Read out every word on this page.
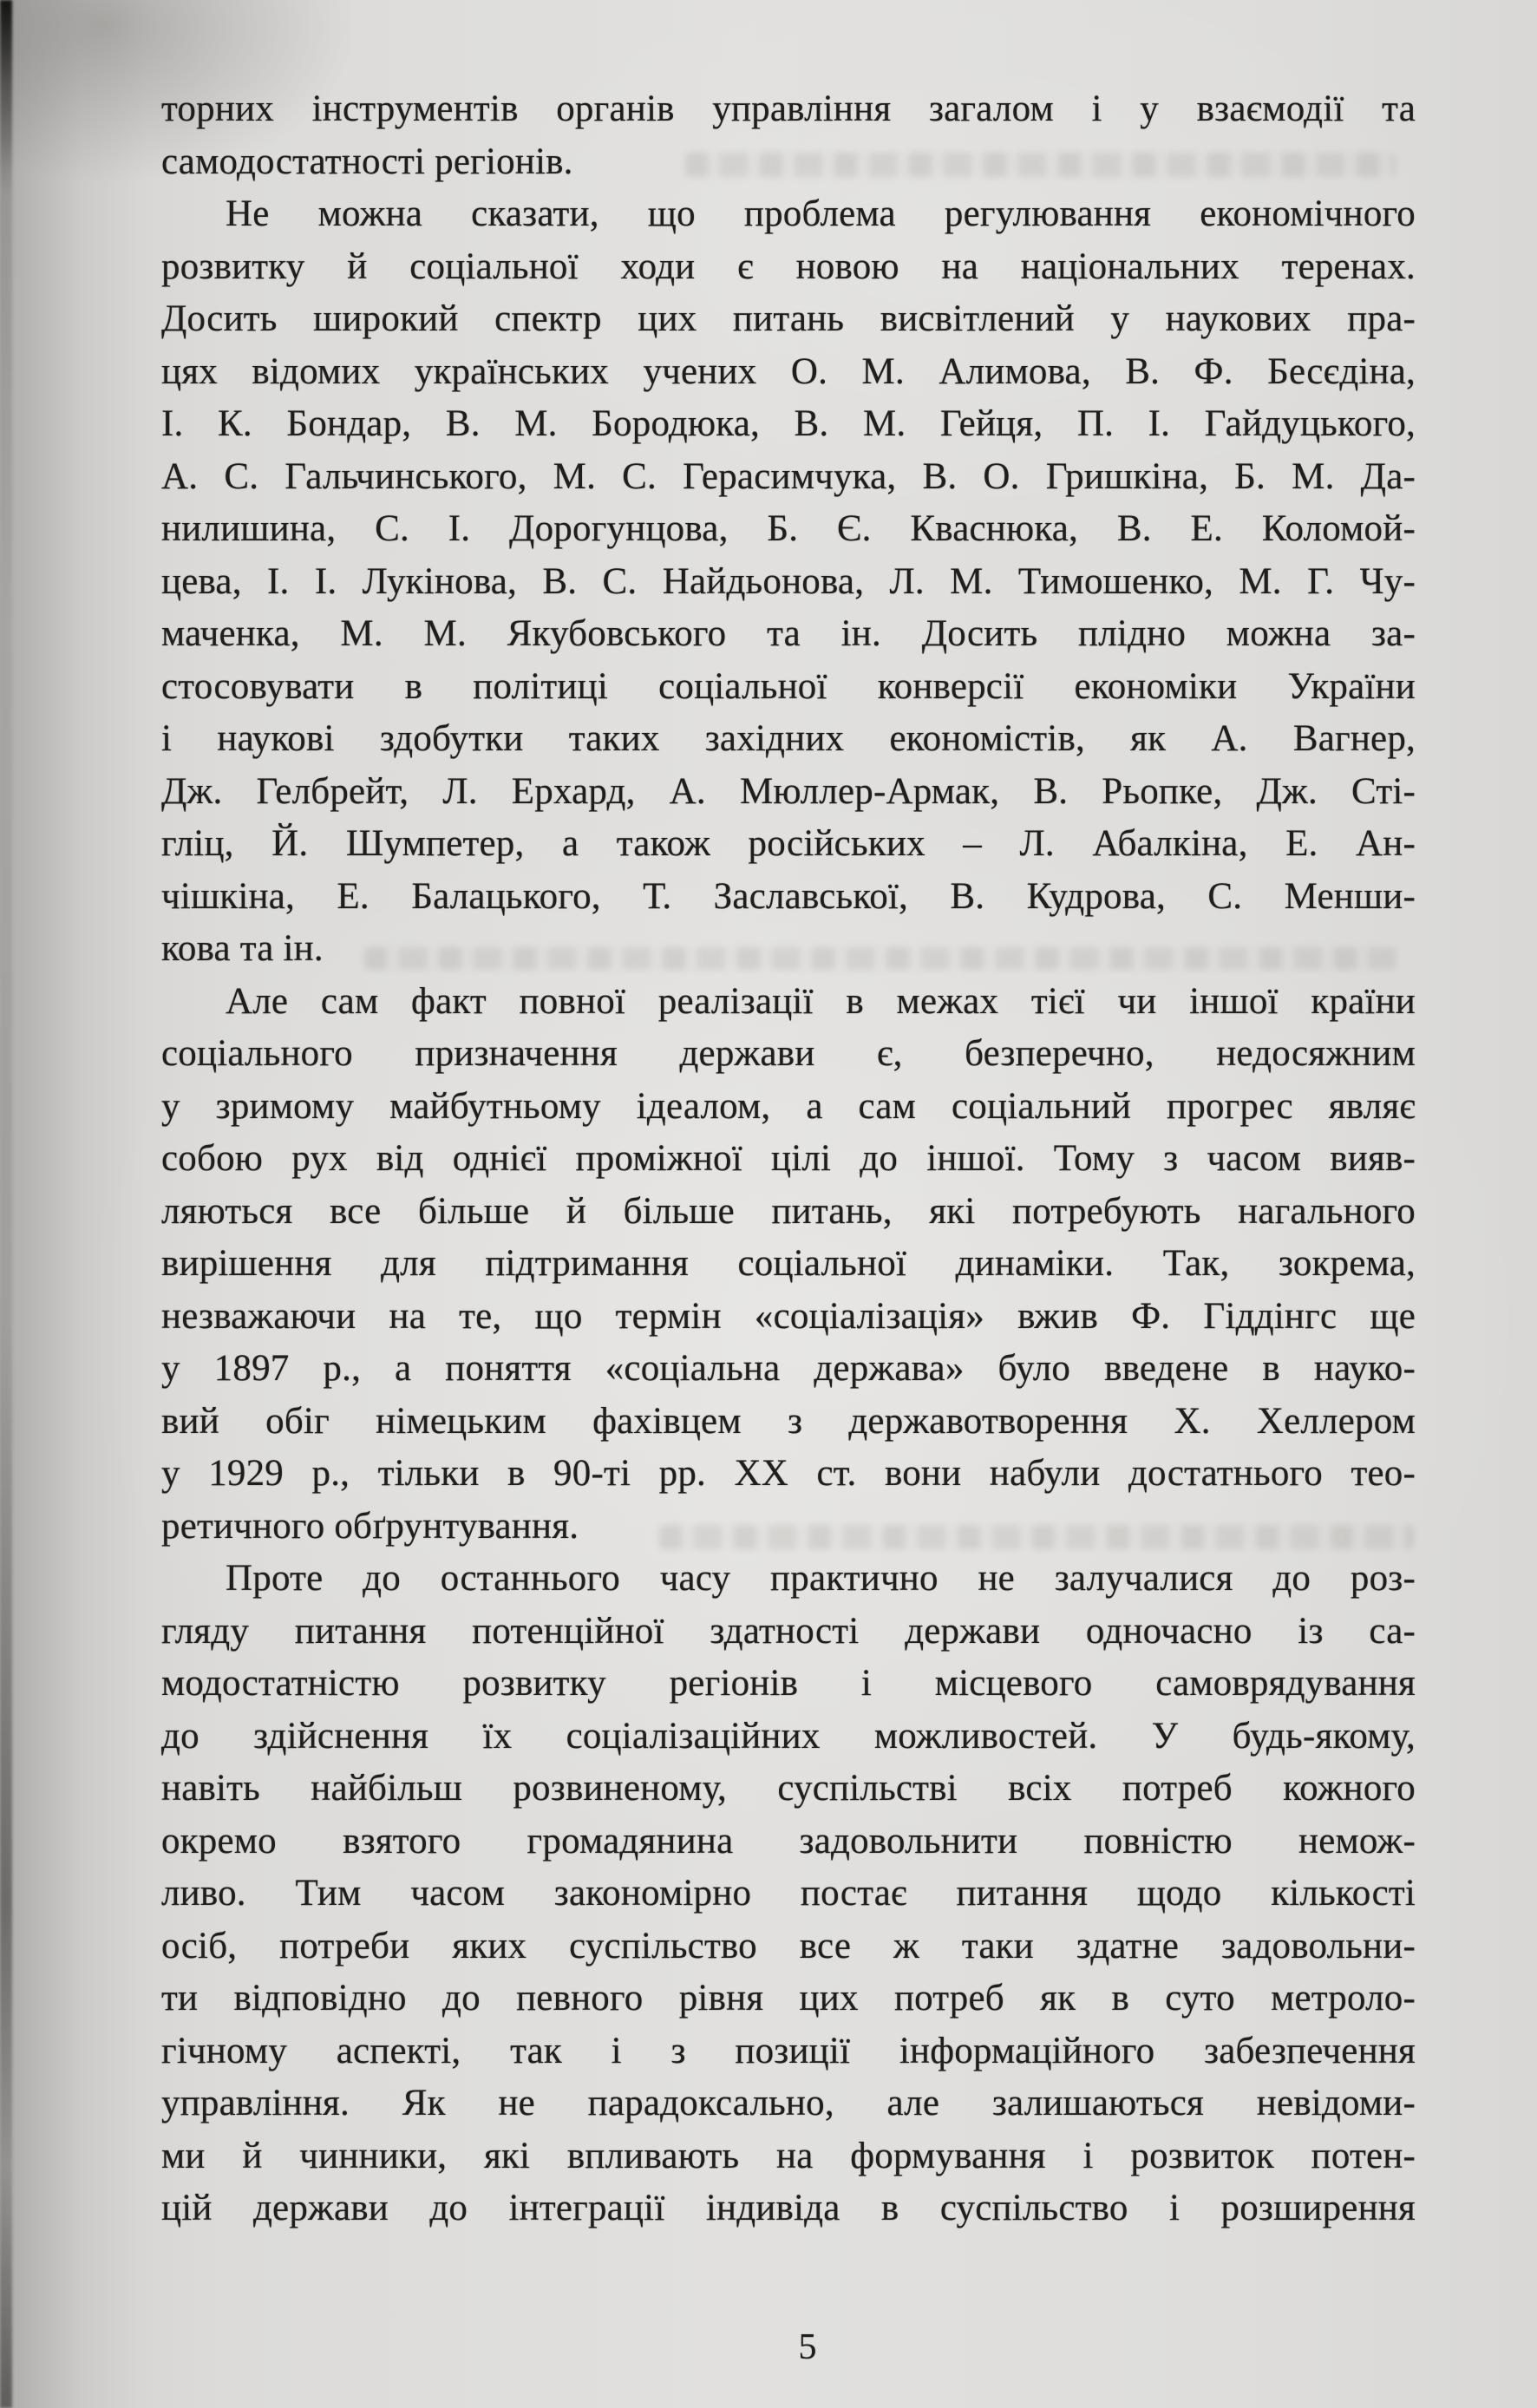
торних інструментів органів управління загалом і у взаємодії та
самодостатності регіонів.
Не можна сказати, що проблема регулювання економічного
розвитку й соціальної ходи є новою на національних теренах.
Досить широкий спектр цих питань висвітлений у наукових пра-
цях відомих українських учених О. М. Алимова, В. Ф. Бесєдіна,
І. К. Бондар, В. М. Бородюка, В. М. Гейця, П. І. Гайдуцького,
А. С. Гальчинського, М. С. Герасимчука, В. О. Гришкіна, Б. М. Да-
нилишина, С. І. Дорогунцова, Б. Є. Кваснюка, В. Е. Коломой-
цева, І. І. Лукінова, В. С. Найдьонова, Л. М. Тимошенко, М. Г. Чу-
маченка, М. М. Якубовського та ін. Досить плідно можна за-
стосовувати в політиці соціальної конверсії економіки України
і наукові здобутки таких західних економістів, як А. Вагнер,
Дж. Гелбрейт, Л. Ерхард, А. Мюллер-Армак, В. Рьопке, Дж. Сті-
гліц, Й. Шумпетер, а також російських – Л. Абалкіна, Е. Ан-
чішкіна, Е. Балацького, Т. Заславської, В. Кудрова, С. Менши-
кова та ін.
Але сам факт повної реалізації в межах тієї чи іншої країни
соціального призначення держави є, безперечно, недосяжним
у зримому майбутньому ідеалом, а сам соціальний прогрес являє
собою рух від однієї проміжної цілі до іншої. Тому з часом вияв-
ляються все більше й більше питань, які потребують нагального
вирішення для підтримання соціальної динаміки. Так, зокрема,
незважаючи на те, що термін «соціалізація» вжив Ф. Гіддінгс ще
у 1897 р., а поняття «соціальна держава» було введене в науко-
вий обіг німецьким фахівцем з державотворення Х. Хеллером
у 1929 р., тільки в 90-ті рр. ХХ ст. вони набули достатнього тео-
ретичного обґрунтування.
Проте до останнього часу практично не залучалися до роз-
гляду питання потенційної здатності держави одночасно із са-
модостатністю розвитку регіонів і місцевого самоврядування
до здійснення їх соціалізаційних можливостей. У будь-якому,
навіть найбільш розвиненому, суспільстві всіх потреб кожного
окремо взятого громадянина задовольнити повністю немож-
ливо. Тим часом закономірно постає питання щодо кількості
осіб, потреби яких суспільство все ж таки здатне задовольни-
ти відповідно до певного рівня цих потреб як в суто метроло-
гічному аспекті, так і з позиції інформаційного забезпечення
управління. Як не парадоксально, але залишаються невідоми-
ми й чинники, які впливають на формування і розвиток потен-
цій держави до інтеграції індивіда в суспільство і розширення
5
